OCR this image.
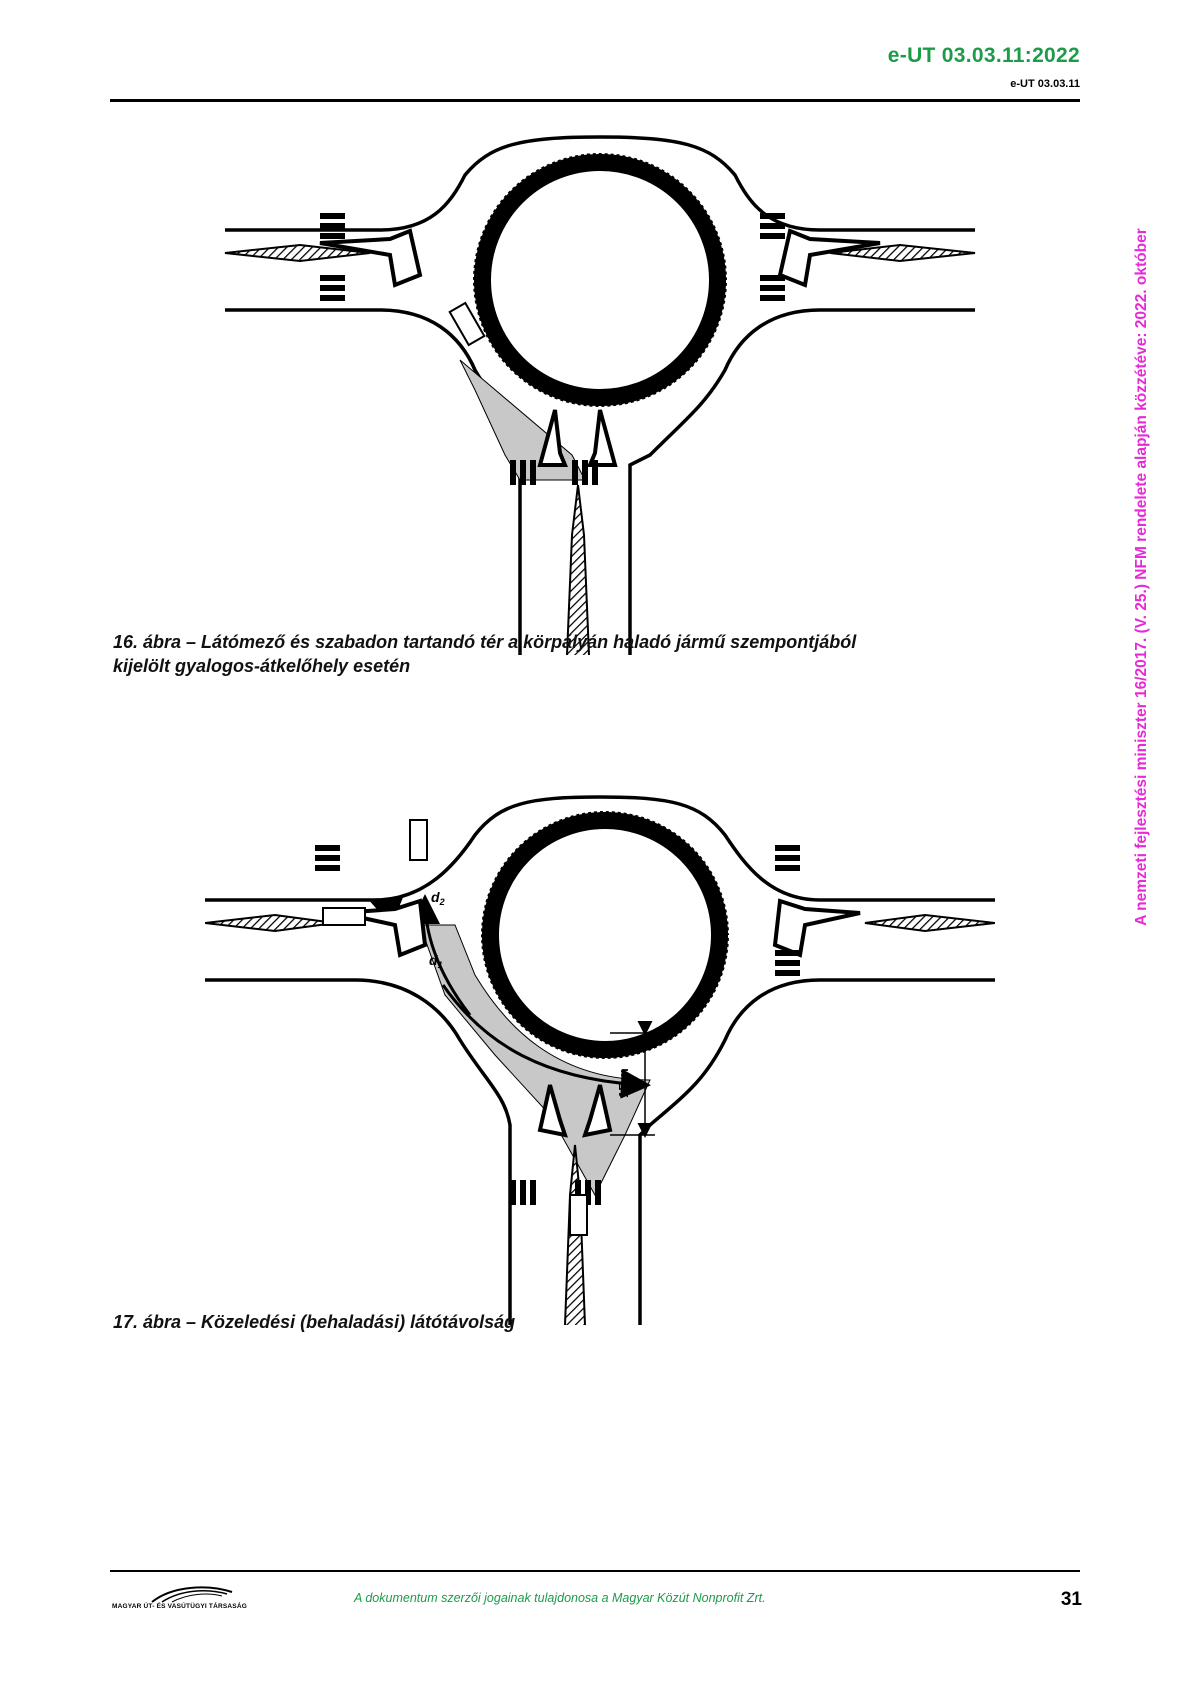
e-UT 03.03.11:2022
e-UT 03.03.11
A nemzeti fejlesztési miniszter 16/2017. (V. 25.) NFM rendelete alapján közzétéve: 2022. október
16. ábra – Látómező és szabadon tartandó tér a körpályán haladó jármű szempontjából
kijelölt gyalogos-átkelőhely esetén
15 m
$d_2$
$d_1$
17. ábra – Közeledési (behaladási) látótávolság
MAGYAR ÚT- ÉS VASÚTÜGYI TÁRSASÁG
A dokumentum szerzői jogainak tulajdonosa a Magyar Közút Nonprofit Zrt.	31
